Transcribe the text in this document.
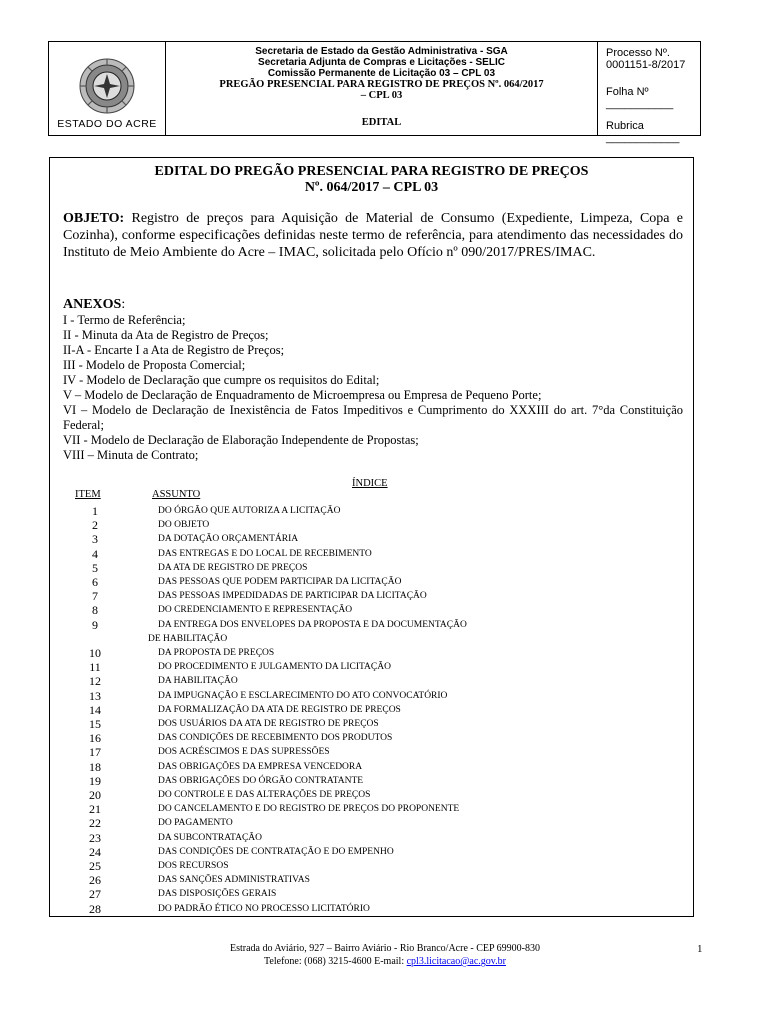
ESTADO DO ACRE
Secretaria de Estado da Gestão Administrativa - SGA
Secretaria Adjunta de Compras e Licitações - SELIC
Comissão Permanente de Licitação 03 – CPL 03
PREGÃO PRESENCIAL PARA REGISTRO DE PREÇOS Nº. 064/2017
– CPL 03
EDITAL
Processo Nº. 0001151-8/2017
Folha Nº ___________
Rubrica ____________
EDITAL DO PREGÃO PRESENCIAL PARA REGISTRO DE PREÇOS
Nº. 064/2017 – CPL 03
OBJETO: Registro de preços para Aquisição de Material de Consumo (Expediente, Limpeza, Copa e Cozinha), conforme especificações definidas neste termo de referência, para atendimento das necessidades do Instituto de Meio Ambiente do Acre – IMAC, solicitada pelo Ofício nº 090/2017/PRES/IMAC.
ANEXOS:
I - Termo de Referência;
II - Minuta da Ata de Registro de Preços;
II-A - Encarte I a Ata de Registro de Preços;
III - Modelo de Proposta Comercial;
IV - Modelo de Declaração que cumpre os requisitos do Edital;
V – Modelo de Declaração de Enquadramento de Microempresa ou Empresa de Pequeno Porte;
VI – Modelo de Declaração de Inexistência de Fatos Impeditivos e Cumprimento do XXXIII do art. 7°da Constituição Federal;
VII - Modelo de Declaração de Elaboração Independente de Propostas;
VIII – Minuta de Contrato;
ÍNDICE
ITEM	ASSUNTO
1	DO ÓRGÃO QUE AUTORIZA A LICITAÇÃO
2	DO OBJETO
3	DA DOTAÇÃO ORÇAMENTÁRIA
4	DAS ENTREGAS E DO LOCAL DE RECEBIMENTO
5	DA ATA DE REGISTRO DE PREÇOS
6	DAS PESSOAS QUE PODEM PARTICIPAR DA LICITAÇÃO
7	DAS PESSOAS IMPEDIDADAS DE PARTICIPAR DA LICITAÇÃO
8	DO CREDENCIAMENTO E REPRESENTAÇÃO
9	DA ENTREGA DOS ENVELOPES DA PROPOSTA E DA DOCUMENTAÇÃO
DE HABILITAÇÃO
10	DA PROPOSTA DE PREÇOS
11	DO PROCEDIMENTO E JULGAMENTO DA LICITAÇÃO
12	DA HABILITAÇÃO
13	DA IMPUGNAÇÃO E ESCLARECIMENTO DO ATO CONVOCATÓRIO
14	DA FORMALIZAÇÃO DA ATA DE REGISTRO DE PREÇOS
15	DOS USUÁRIOS DA ATA DE REGISTRO DE PREÇOS
16	DAS CONDIÇÕES DE RECEBIMENTO DOS PRODUTOS
17	DOS ACRÉSCIMOS E DAS SUPRESSÕES
18	DAS OBRIGAÇÕES DA EMPRESA VENCEDORA
19	DAS OBRIGAÇÕES DO ÓRGÃO CONTRATANTE
20	DO CONTROLE E DAS ALTERAÇÕES DE PREÇOS
21	DO CANCELAMENTO E DO REGISTRO DE PREÇOS DO PROPONENTE
22	DO PAGAMENTO
23	DA SUBCONTRATAÇÃO
24	DAS CONDIÇÕES DE CONTRATAÇÃO E DO EMPENHO
25	DOS RECURSOS
26	DAS SANÇÕES ADMINISTRATIVAS
27	DAS DISPOSIÇÕES GERAIS
28	DO PADRÃO ÉTICO NO PROCESSO LICITATÓRIO
Estrada do Aviário, 927 – Bairro Aviário - Rio Branco/Acre - CEP 69900-830
Telefone: (068) 3215-4600 E-mail: cpl3.licitacao@ac.gov.br
1
